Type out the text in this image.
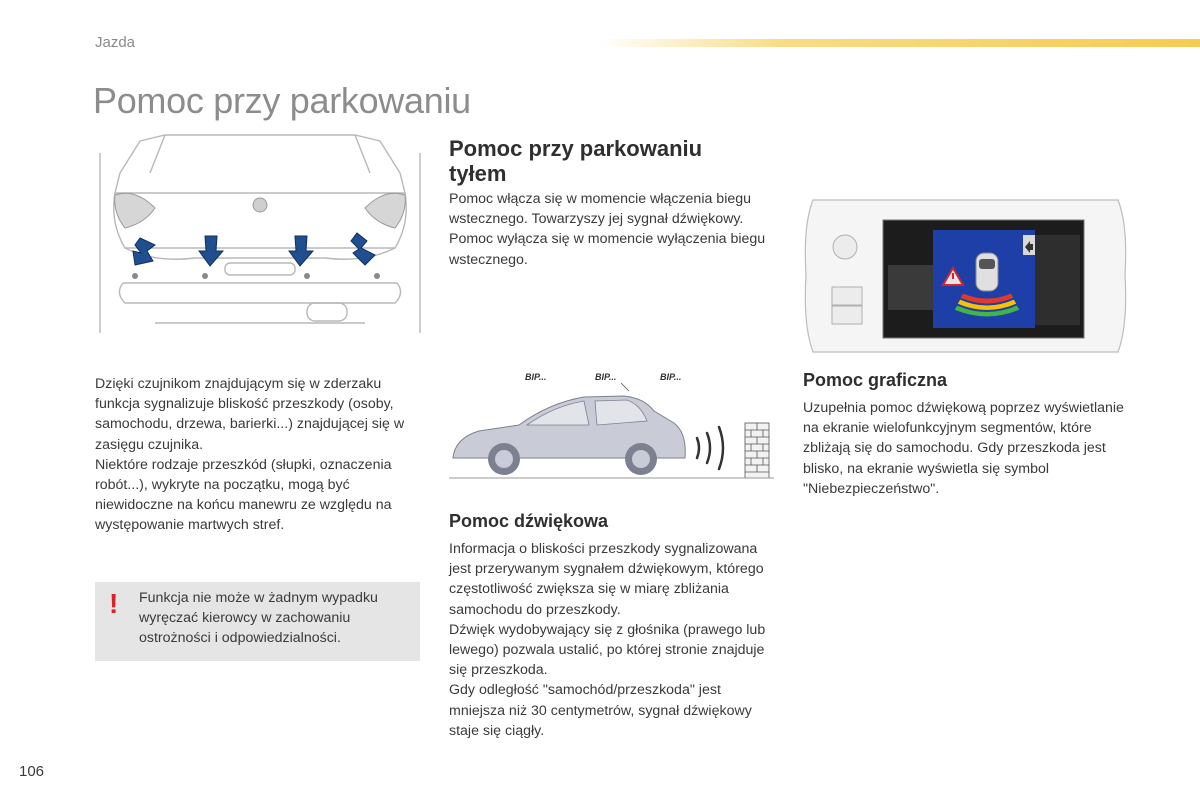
Jazda
Pomoc przy parkowaniu

Dzięki czujnikom znajdującym się w zderzaku funkcja sygnalizuje bliskość przeszkody (osoby, samochodu, drzewa, barierki...) znajdującej się w zasięgu czujnika.

Niektóre rodzaje przeszkód (słupki, oznaczenia robót...), wykryte na początku, mogą być niewidoczne na końcu manewru ze względu na występowanie martwych stref.

! Funkcja nie może w żadnym wypadku wyręczać kierowcy w zachowaniu ostrożności i odpowiedzialności.

Pomoc przy parkowaniu tyłem

Pomoc włącza się w momencie włączenia biegu wstecznego. Towarzyszy jej sygnał dźwiękowy.

Pomoc wyłącza się w momencie wyłączenia biegu wstecznego.

BIP...	BIP...	BIP...
Pomoc dźwiękowa

Informacja o bliskości przeszkody sygnalizowana jest przerywanym sygnałem dźwiękowym, którego częstotliwość zwiększa się w miarę zbliżania samochodu do przeszkody.

Dźwięk wydobywający się z głośnika (prawego lub lewego) pozwala ustalić, po której stronie znajduje się przeszkoda.

Gdy odległość "samochód/przeszkoda" jest mniejsza niż 30 centymetrów, sygnał dźwiękowy staje się ciągły.

Pomoc graficzna

Uzupełnia pomoc dźwiękową poprzez wyświetlanie na ekranie wielofunkcyjnym segmentów, które zbliżają się do samochodu. Gdy przeszkoda jest blisko, na ekranie wyświetla się symbol "Niebezpieczeństwo".

106
